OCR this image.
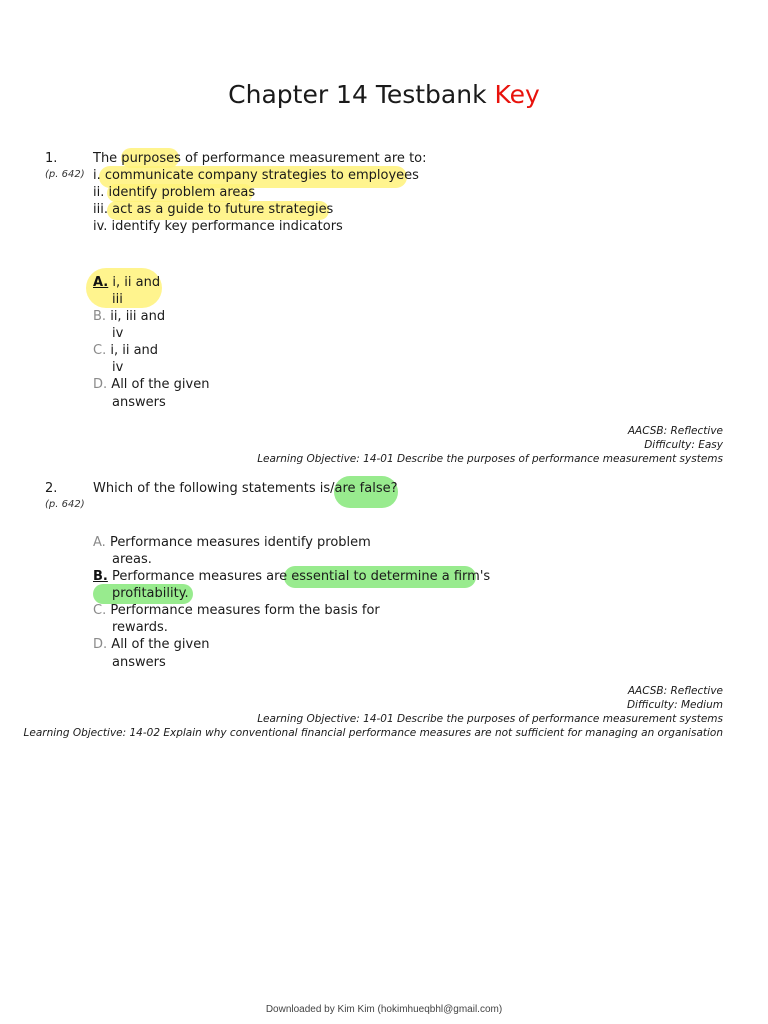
Chapter 14 Testbank Key
1.
(p. 642)
The purposes of performance measurement are to:
i. communicate company strategies to employees
ii. identify problem areas
iii. act as a guide to future strategies
iv. identify key performance indicators
A. i, ii and
iii
B. ii, iii and
iv
C. i, ii and
iv
D. All of the given
answers
AACSB: Reflective
Difficulty: Easy
Learning Objective: 14-01 Describe the purposes of performance measurement systems
2.
(p. 642)
Which of the following statements is/are false?
A. Performance measures identify problem
areas.
B. Performance measures are essential to determine a firm's
profitability.
C. Performance measures form the basis for
rewards.
D. All of the given
answers
AACSB: Reflective
Difficulty: Medium
Learning Objective: 14-01 Describe the purposes of performance measurement systems
Learning Objective: 14-02 Explain why conventional financial performance measures are not sufficient for managing an organisation
Downloaded by Kim Kim (hokimhueqbhl@gmail.com)
